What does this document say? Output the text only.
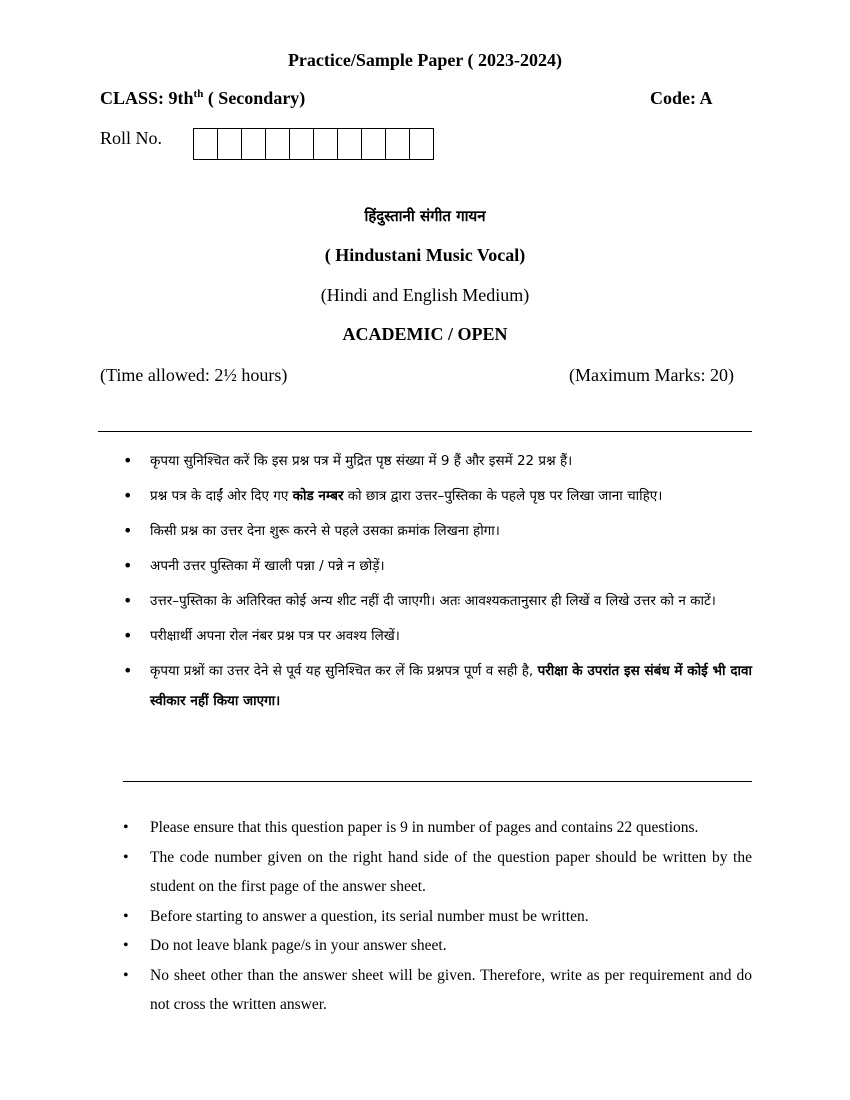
Practice/Sample Paper ( 2023-2024)
CLASS: $9th^{th}$ ( Secondary)	Code: A
Roll No.
हिंदुस्तानी संगीत गायन
( Hindustani Music Vocal)
(Hindi and English Medium)
ACADEMIC / OPEN
(Time allowed: 2½ hours)	(Maximum Marks: 20)
• कृपया सुनिश्चित करें कि इस प्रश्न पत्र में मुद्रित पृष्ठ संख्या में 9 हैं और इसमें 22 प्रश्न हैं।
• प्रश्न पत्र के दाईं ओर दिए गए कोड नम्बर को छात्र द्वारा उत्तर–पुस्तिका के पहले पृष्ठ पर लिखा जाना चाहिए।
• किसी प्रश्न का उत्तर देना शुरू करने से पहले उसका क्रमांक लिखना होगा।
• अपनी उत्तर पुस्तिका में खाली पन्ना / पन्ने न छोड़ें।
• उत्तर–पुस्तिका के अतिरिक्त कोई अन्य शीट नहीं दी जाएगी। अतः आवश्यकतानुसार ही लिखें व लिखे उत्तर को न काटें।
• परीक्षार्थी अपना रोल नंबर प्रश्न पत्र पर अवश्य लिखें।
• कृपया प्रश्नों का उत्तर देने से पूर्व यह सुनिश्चित कर लें कि प्रश्नपत्र पूर्ण व सही है, परीक्षा के उपरांत इस संबंध में कोई भी दावा स्वीकार नहीं किया जाएगा।
• Please ensure that this question paper is 9 in number of pages and contains 22 questions.
• The code number given on the right hand side of the question paper should be written by the student on the first page of the answer sheet.
• Before starting to answer a question, its serial number must be written.
• Do not leave blank page/s in your answer sheet.
• No sheet other than the answer sheet will be given. Therefore, write as per requirement and do not cross the written answer.
